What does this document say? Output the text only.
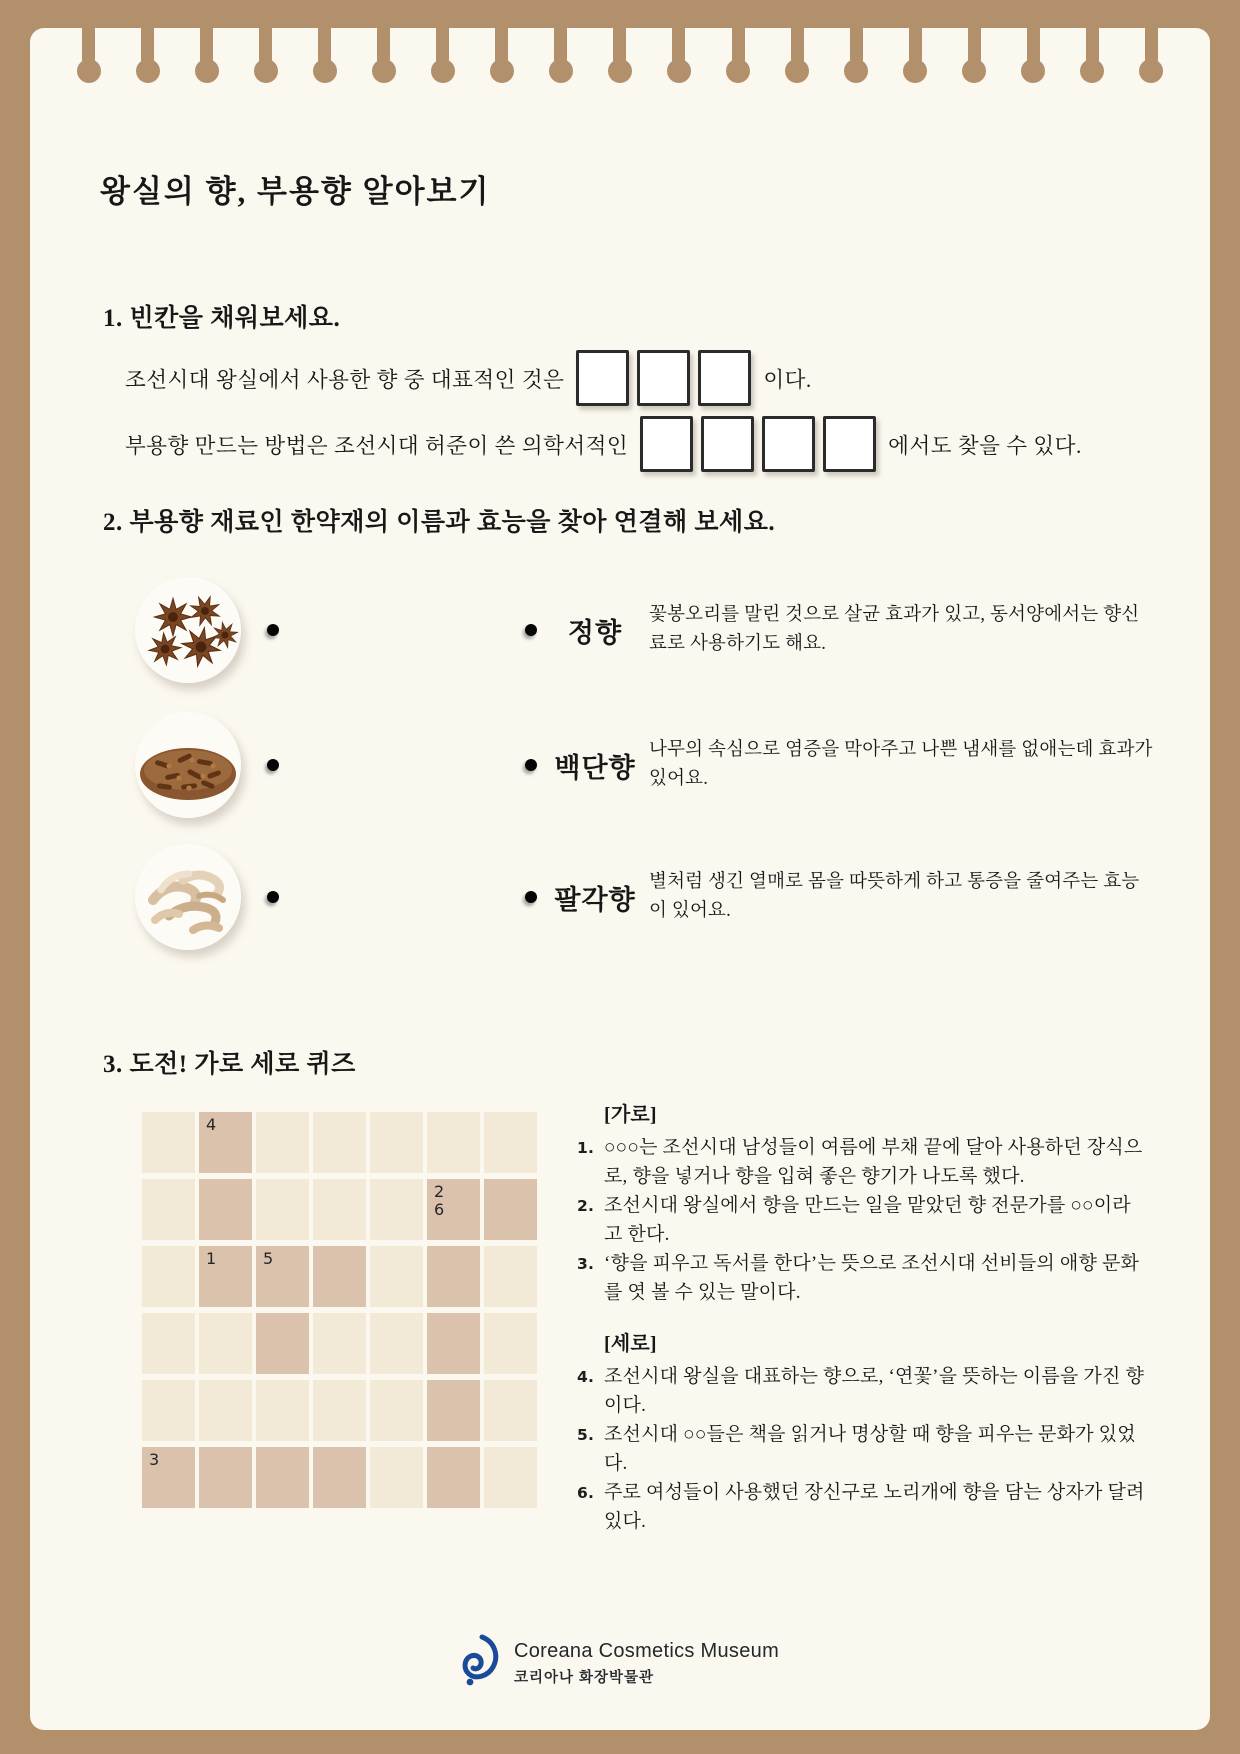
왕실의 향, 부용향 알아보기
1. 빈칸을 채워보세요.
조선시대 왕실에서 사용한 향 중 대표적인 것은	이다.
부용향 만드는 방법은 조선시대 허준이 쓴 의학서적인	에서도 찾을 수 있다.
2. 부용향 재료인 한약재의 이름과 효능을 찾아 연결해 보세요.
정향
꽃봉오리를 말린 것으로 살균 효과가 있고, 동서양에서는 향신료로 사용하기도 해요.
백단향
나무의 속심으로 염증을 막아주고 나쁜 냄새를 없애는데 효과가 있어요.
팔각향
별처럼 생긴 열매로 몸을 따뜻하게 하고 통증을 줄여주는 효능이 있어요.
3. 도전! 가로 세로 퀴즈
4
2
6
1	5
3
[가로]
1. ○○○는 조선시대 남성들이 여름에 부채 끝에 달아 사용하던 장식으로, 향을 넣거나 향을 입혀 좋은 향기가 나도록 했다.
2. 조선시대 왕실에서 향을 만드는 일을 맡았던 향 전문가를 ○○이라고 한다.
3. ‘향을 피우고 독서를 한다’는 뜻으로 조선시대 선비들의 애향 문화를 엿 볼 수 있는 말이다.
[세로]
4. 조선시대 왕실을 대표하는 향으로, ‘연꽃’을 뜻하는 이름을 가진 향이다.
5. 조선시대 ○○들은 책을 읽거나 명상할 때 향을 피우는 문화가 있었다.
6. 주로 여성들이 사용했던 장신구로 노리개에 향을 담는 상자가 달려있다.
Coreana Cosmetics Museum
코리아나 화장박물관
